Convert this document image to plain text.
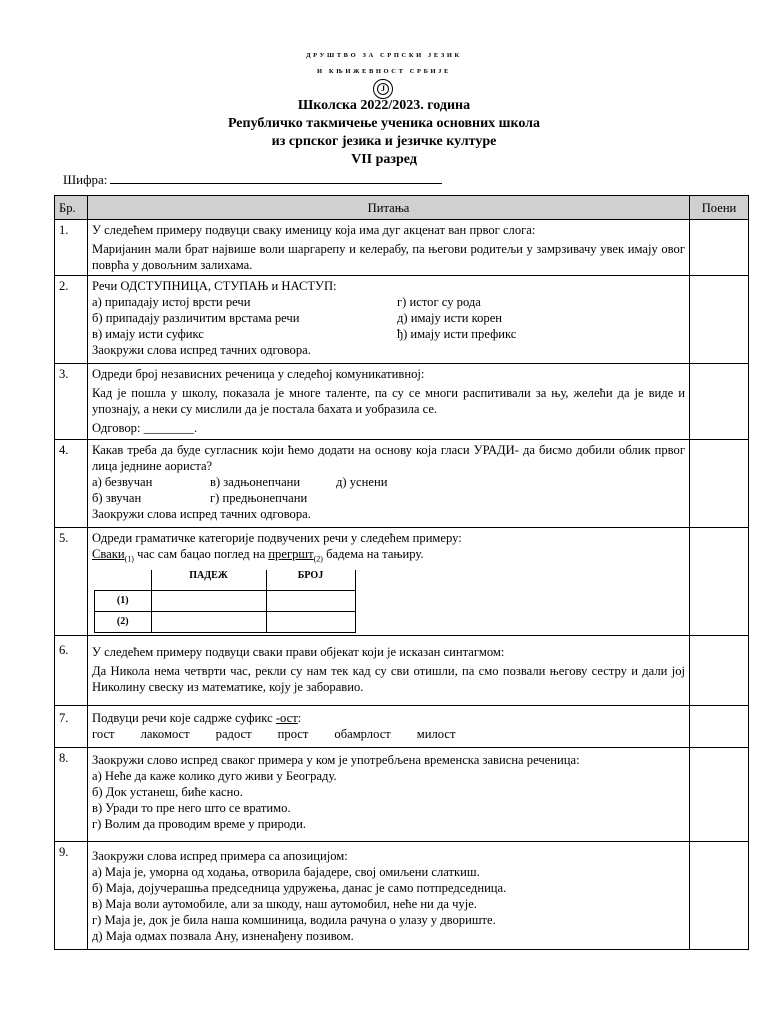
ДРУШТВО ЗА СРПСКИ ЈЕЗИК
И КЊИЖЕВНОСТ СРБИЈЕ
Ј
Школска 2022/2023. година
Републичко такмичење ученика основних школа
из српског језика и језичке културе
VII разред
Шифра:
Бр.	Питања	Поени
1.	У следећем примеру подвуци сваку именицу која има дуг акценат ван првог слога:
Маријанин мали брат највише воли шаргарепу и келерабу, па његови родитељи у замрзивачу увек имају овог поврћа у довољним залихама.

2.	Речи ОДСТУПНИЦА, СТУПАЊ и НАСТУП:
а) припадају истој врсти речи	г) истог су рода
б) припадају различитим врстама речи	д) имају исти корен
в) имају исти суфикс	ђ) имају исти префикс
Заокружи слова испред тачних одговора.

3.	Одреди број независних реченица у следећој комуникативној:
Кад је пошла у школу, показала је многе таленте, па су се многи распитивали за њу, желећи да је виде и упознају, а неки су мислили да је постала бахата и уобразила се.
Одговор: ________.

4.	Какав треба да буде сугласник који ћемо додати на основу која гласи УРАДИ- да бисмо добили облик првог лица једнине аориста?
а) безвучан	в) задњонепчани	д) уснени
б) звучан	г) предњонепчани
Заокружи слова испред тачних одговора.

5.	Одреди граматичке категорије подвучених речи у следећем примеру:
Сваки$_{(1)}$ час сам бацао поглед на прегршт$_{(2)}$ бадема на тањиру.
	ПАДЕЖ	БРОЈ
(1)		
(2)		

6.	У следећем примеру подвуци сваки прави објекат који је исказан синтагмом:
Да Никола нема четврти час, рекли су нам тек кад су сви отишли, па смо позвали његову сестру и дали јој Николину свеску из математике, коју је заборавио.

7.	Подвуци речи које садрже суфикс -ост:
гост лакомост радост прост обамрлост милост

8.	Заокружи слово испред сваког примера у ком је употребљена временска зависна реченица:
а) Неће да каже колико дуго живи у Београду.
б) Док устанеш, биће касно.
в) Уради то пре него што се вратимо.
г) Волим да проводим време у природи.

9.	Заокружи слова испред примера са апозицијом:
а) Маја је, уморна од ходања, отворила бајадере, свој омиљени слаткиш.
б) Маја, дојучерашња председница удружења, данас је само потпредседница.
в) Маја воли аутомобиле, али за шкоду, наш аутомобил, неће ни да чује.
г) Маја је, док је била наша комшиница, водила рачуна о улазу у двориште.
д) Маја одмах позвала Ану, изненађену позивом.
